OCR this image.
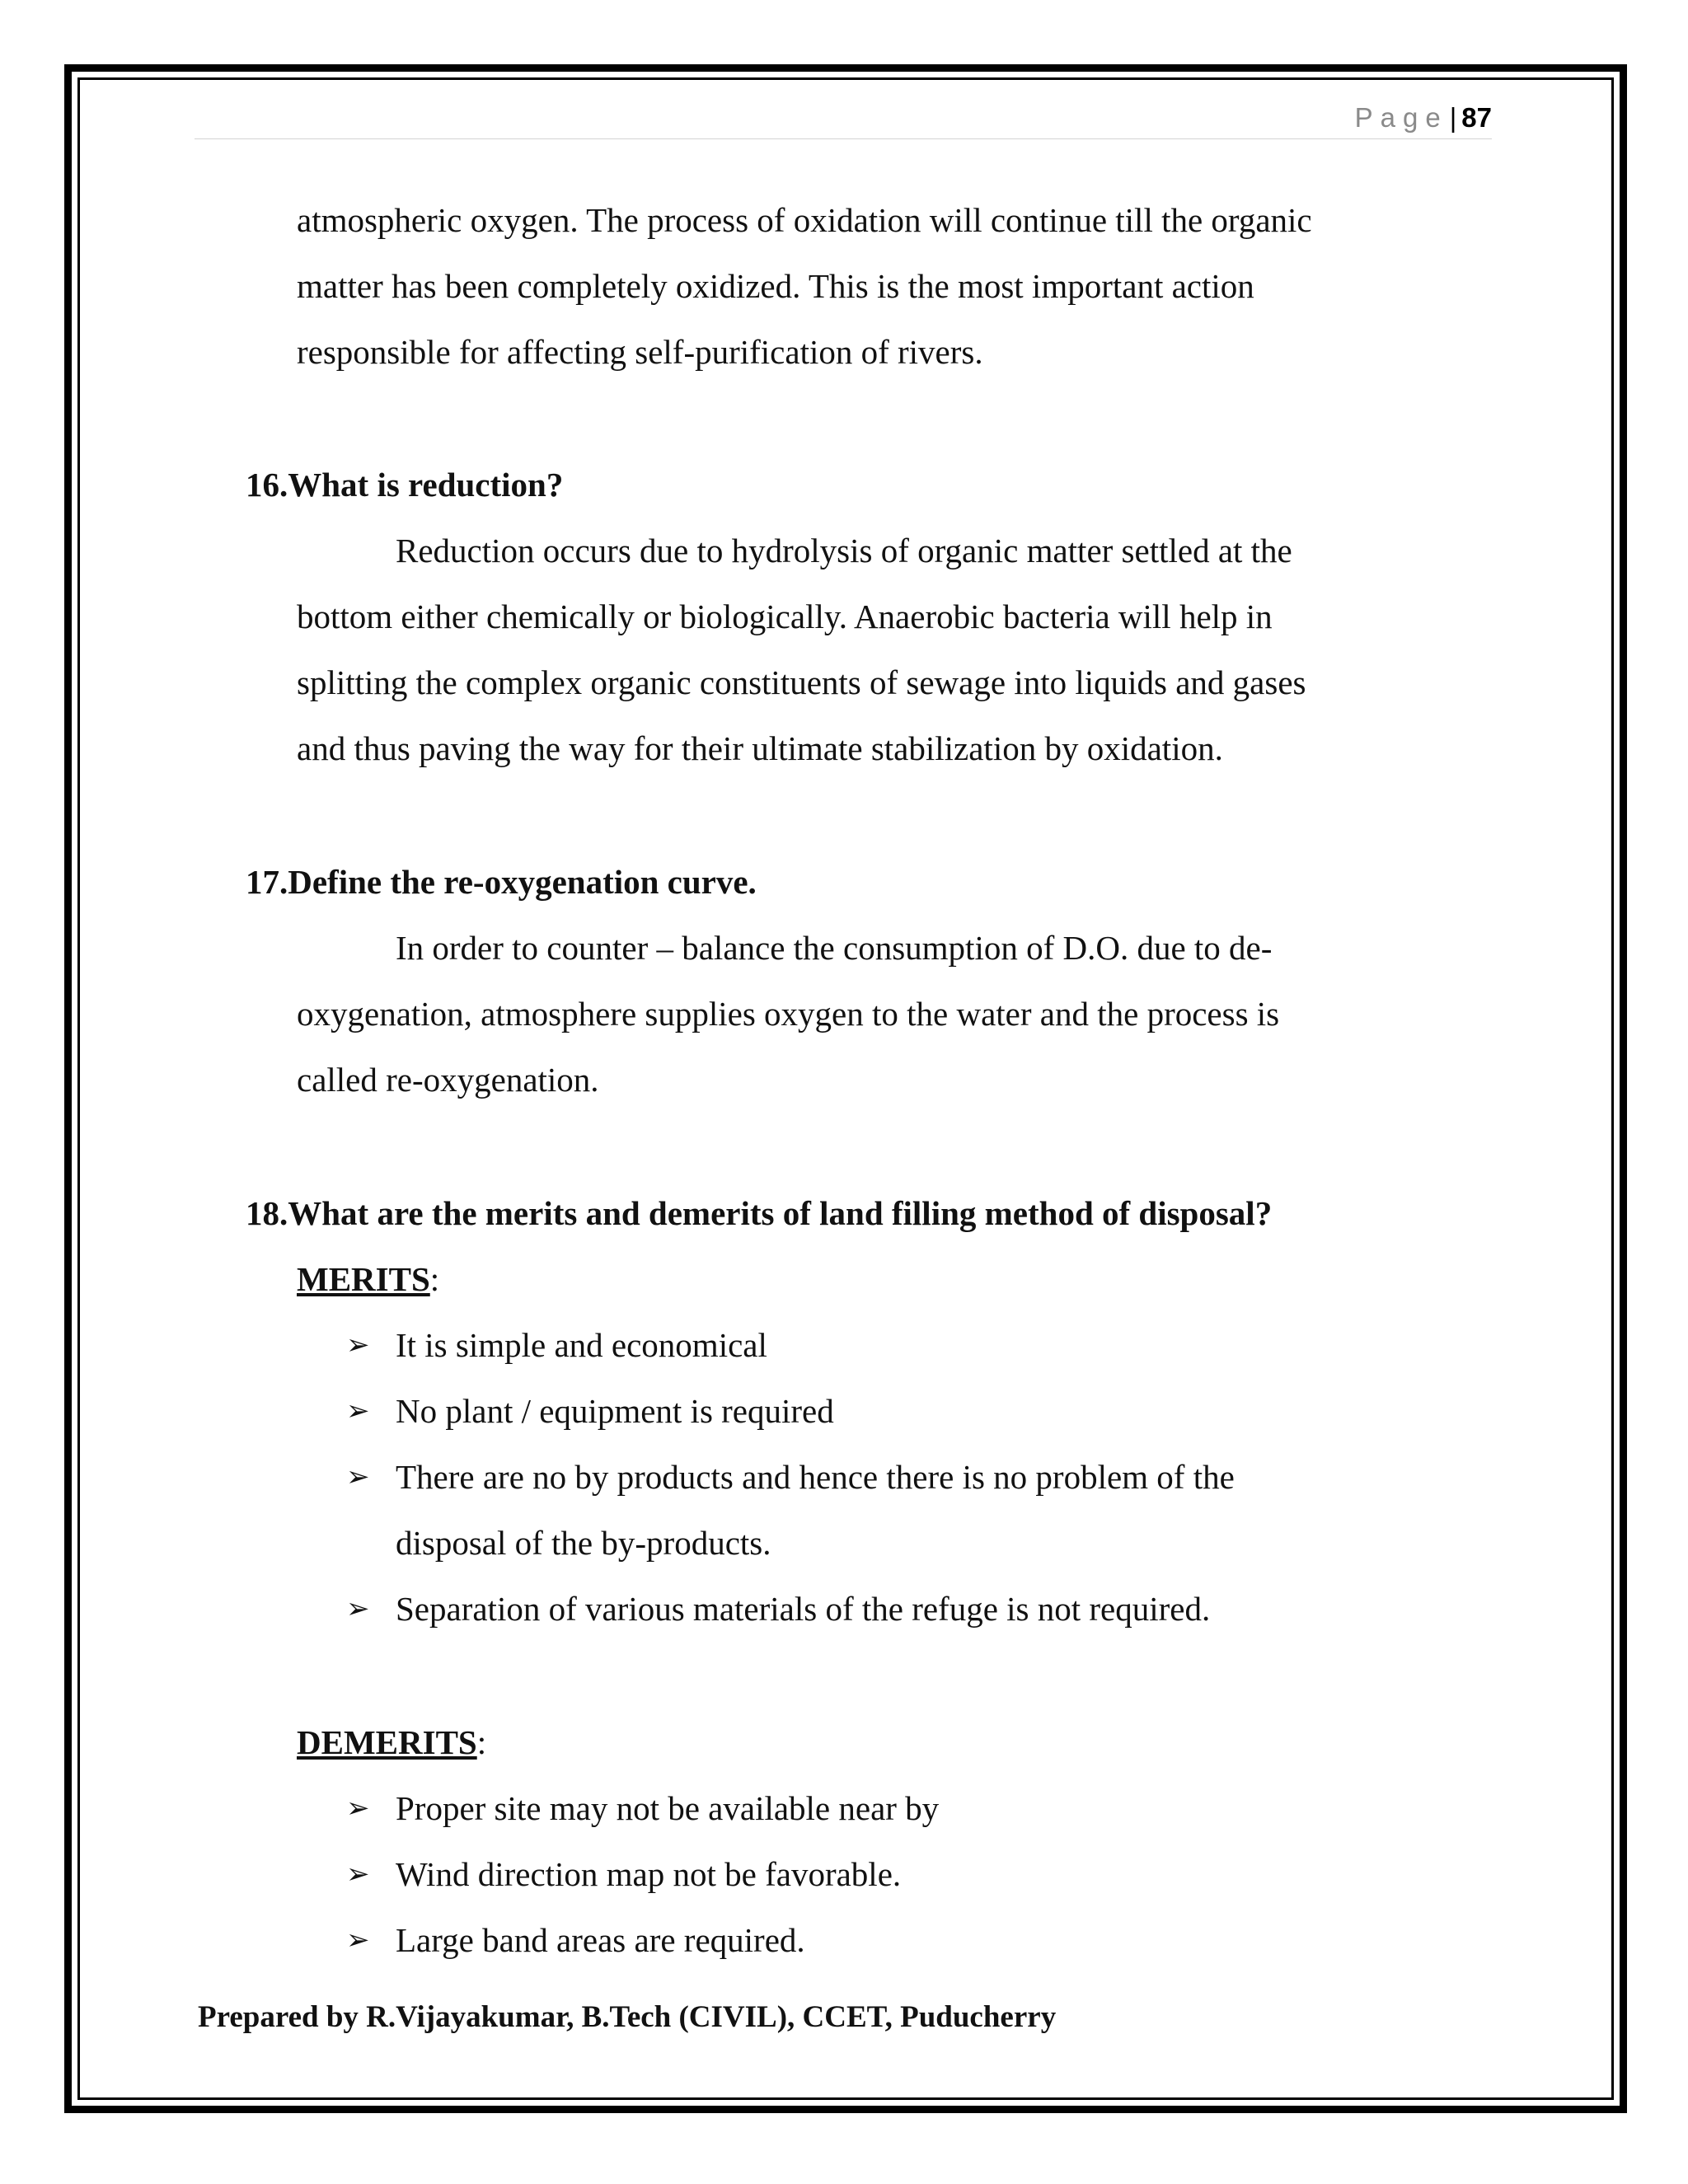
Page| 87
atmospheric oxygen. The process of oxidation will continue till the organic
matter has been completely oxidized. This is the most important action
responsible for affecting self-purification of rivers.
16.What is reduction?
Reduction occurs due to hydrolysis of organic matter settled at the
bottom either chemically or biologically. Anaerobic bacteria will help in
splitting the complex organic constituents of sewage into liquids and gases
and thus paving the way for their ultimate stabilization by oxidation.
17.Define the re-oxygenation curve.
In order to counter – balance the consumption of D.O. due to de-
oxygenation, atmosphere supplies oxygen to the water and the process is
called re-oxygenation.
18.What are the merits and demerits of land filling method of disposal?
MERITS:
➢ It is simple and economical
➢ No plant / equipment is required
➢ There are no by products and hence there is no problem of the
disposal of the by-products.
➢ Separation of various materials of the refuge is not required.
DEMERITS:
➢ Proper site may not be available near by
➢ Wind direction map not be favorable.
➢ Large band areas are required.
Prepared by R.Vijayakumar, B.Tech (CIVIL), CCET, Puducherry
